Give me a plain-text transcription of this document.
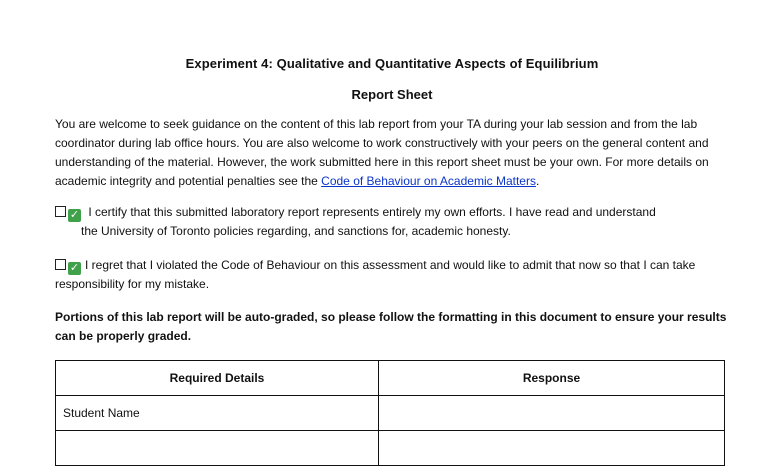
Experiment 4: Qualitative and Quantitative Aspects of Equilibrium
Report Sheet
You are welcome to seek guidance on the content of this lab report from your TA during your lab session and from the lab coordinator during lab office hours. You are also welcome to work constructively with your peers on the general content and understanding of the material. However, the work submitted here in this report sheet must be your own. For more details on academic integrity and potential penalties see the Code of Behaviour on Academic Matters.
✓ I certify that this submitted laboratory report represents entirely my own efforts. I have read and understand
the University of Toronto policies regarding, and sanctions for, academic honesty.
✓ I regret that I violated the Code of Behaviour on this assessment and would like to admit that now so that I can take responsibility for my mistake.
Portions of this lab report will be auto-graded, so please follow the formatting in this document to ensure your results can be properly graded.
Required Details	Response
Student Name	
